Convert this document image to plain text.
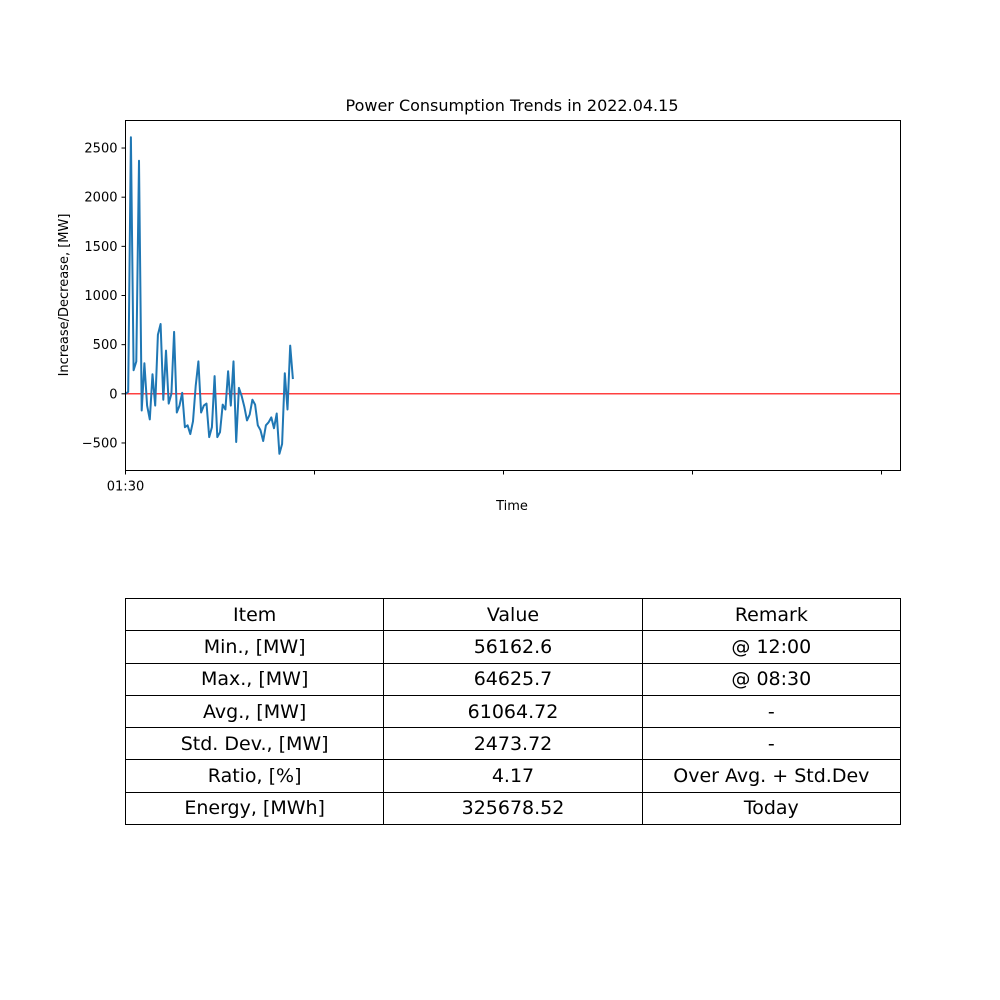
Power Consumption Trends in 2022.04.15
−500
0
500
1000
1500
2000
2500
01:30
Time
Increase/Decrease, [MW]
Item	Value	Remark
Min., [MW]	56162.6	@ 12:00
Max., [MW]	64625.7	@ 08:30
Avg., [MW]	61064.72	-
Std. Dev., [MW]	2473.72	-
Ratio, [%]	4.17	Over Avg. + Std.Dev
Energy, [MWh]	325678.52	Today
